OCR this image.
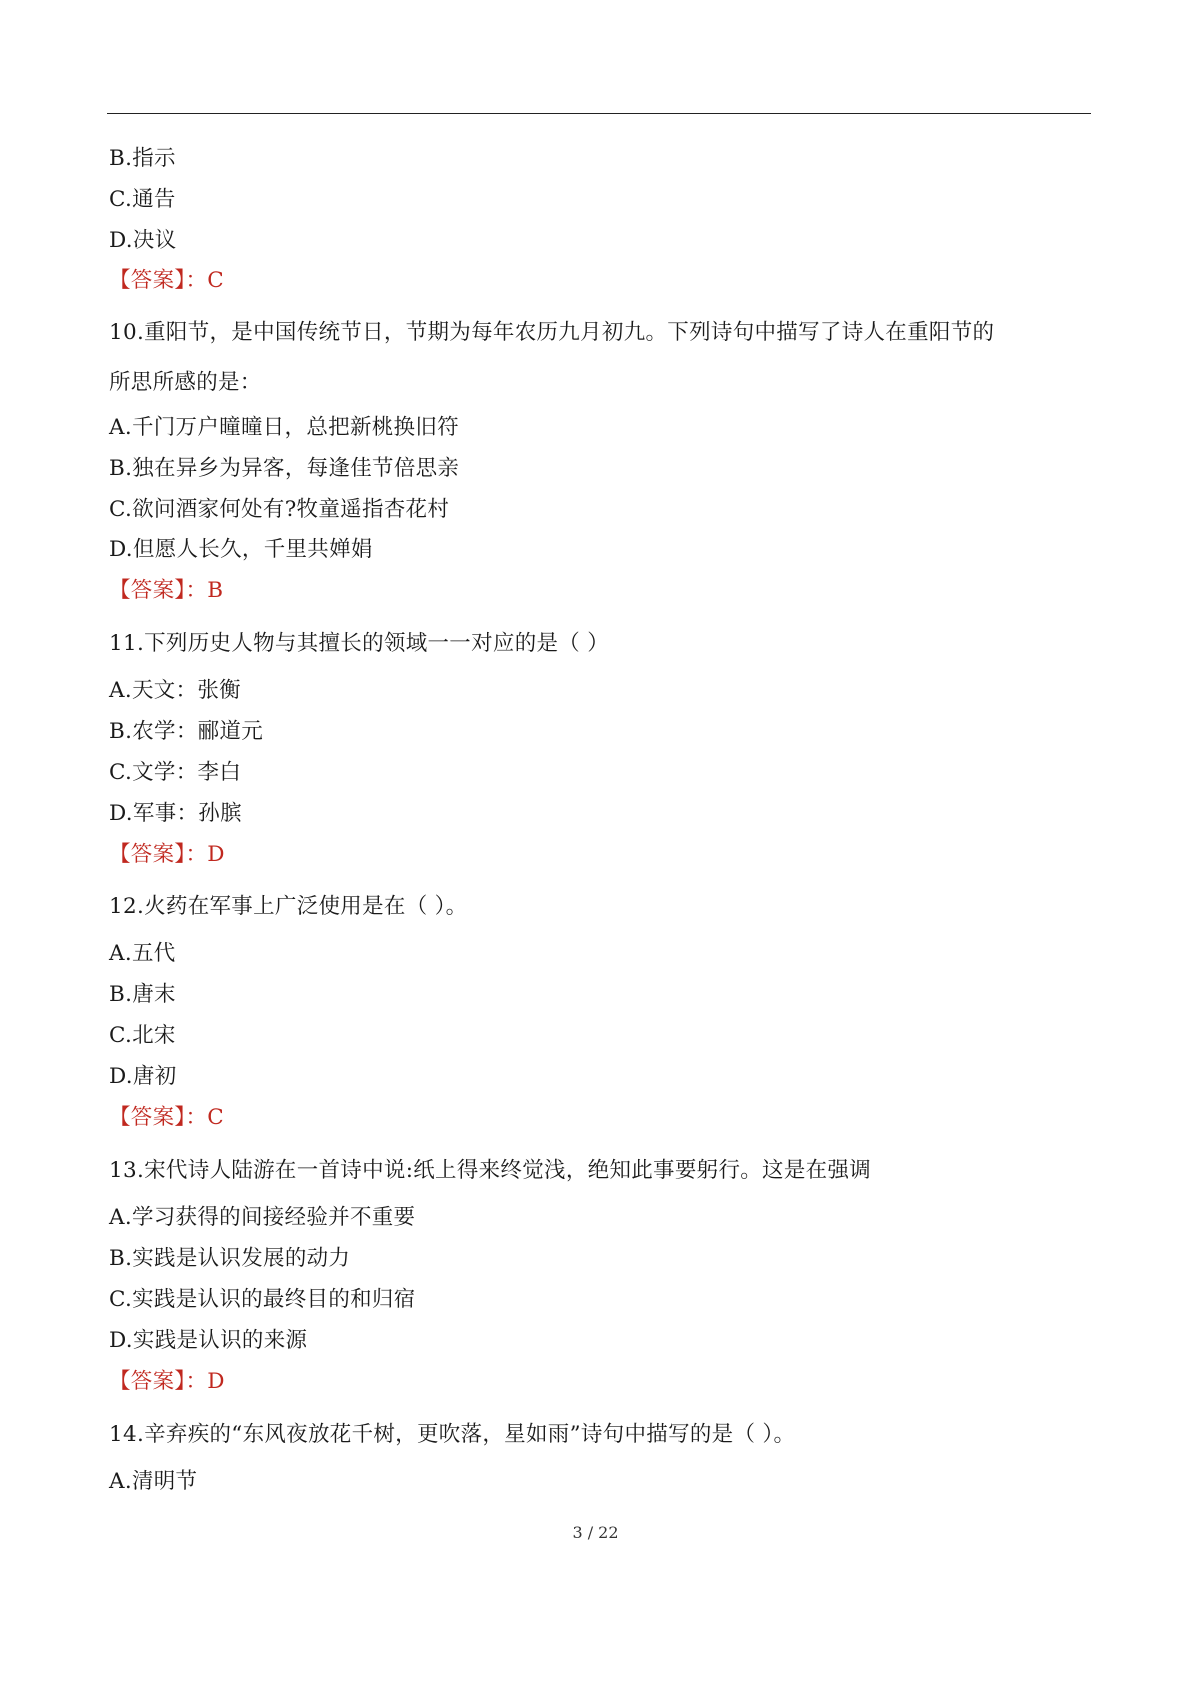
B.指示
C.通告
D.决议
【答案】：C
10.重阳节，是中国传统节日，节期为每年农历九月初九。下列诗句中描写了诗人在重阳节的
所思所感的是：
A.千门万户曈曈日，总把新桃换旧符
B.独在异乡为异客，每逢佳节倍思亲
C.欲问酒家何处有?牧童遥指杏花村
D.但愿人长久，千里共婵娟
【答案】：B
11.下列历史人物与其擅长的领域一一对应的是（ ）
A.天文：张衡
B.农学：郦道元
C.文学：李白
D.军事：孙膑
【答案】：D
12.火药在军事上广泛使用是在（ ）。
A.五代
B.唐末
C.北宋
D.唐初
【答案】：C
13.宋代诗人陆游在一首诗中说:纸上得来终觉浅，绝知此事要躬行。这是在强调
A.学习获得的间接经验并不重要
B.实践是认识发展的动力
C.实践是认识的最终目的和归宿
D.实践是认识的来源
【答案】：D
14.辛弃疾的“东风夜放花千树，更吹落，星如雨”诗句中描写的是（ ）。
A.清明节
3 / 22
